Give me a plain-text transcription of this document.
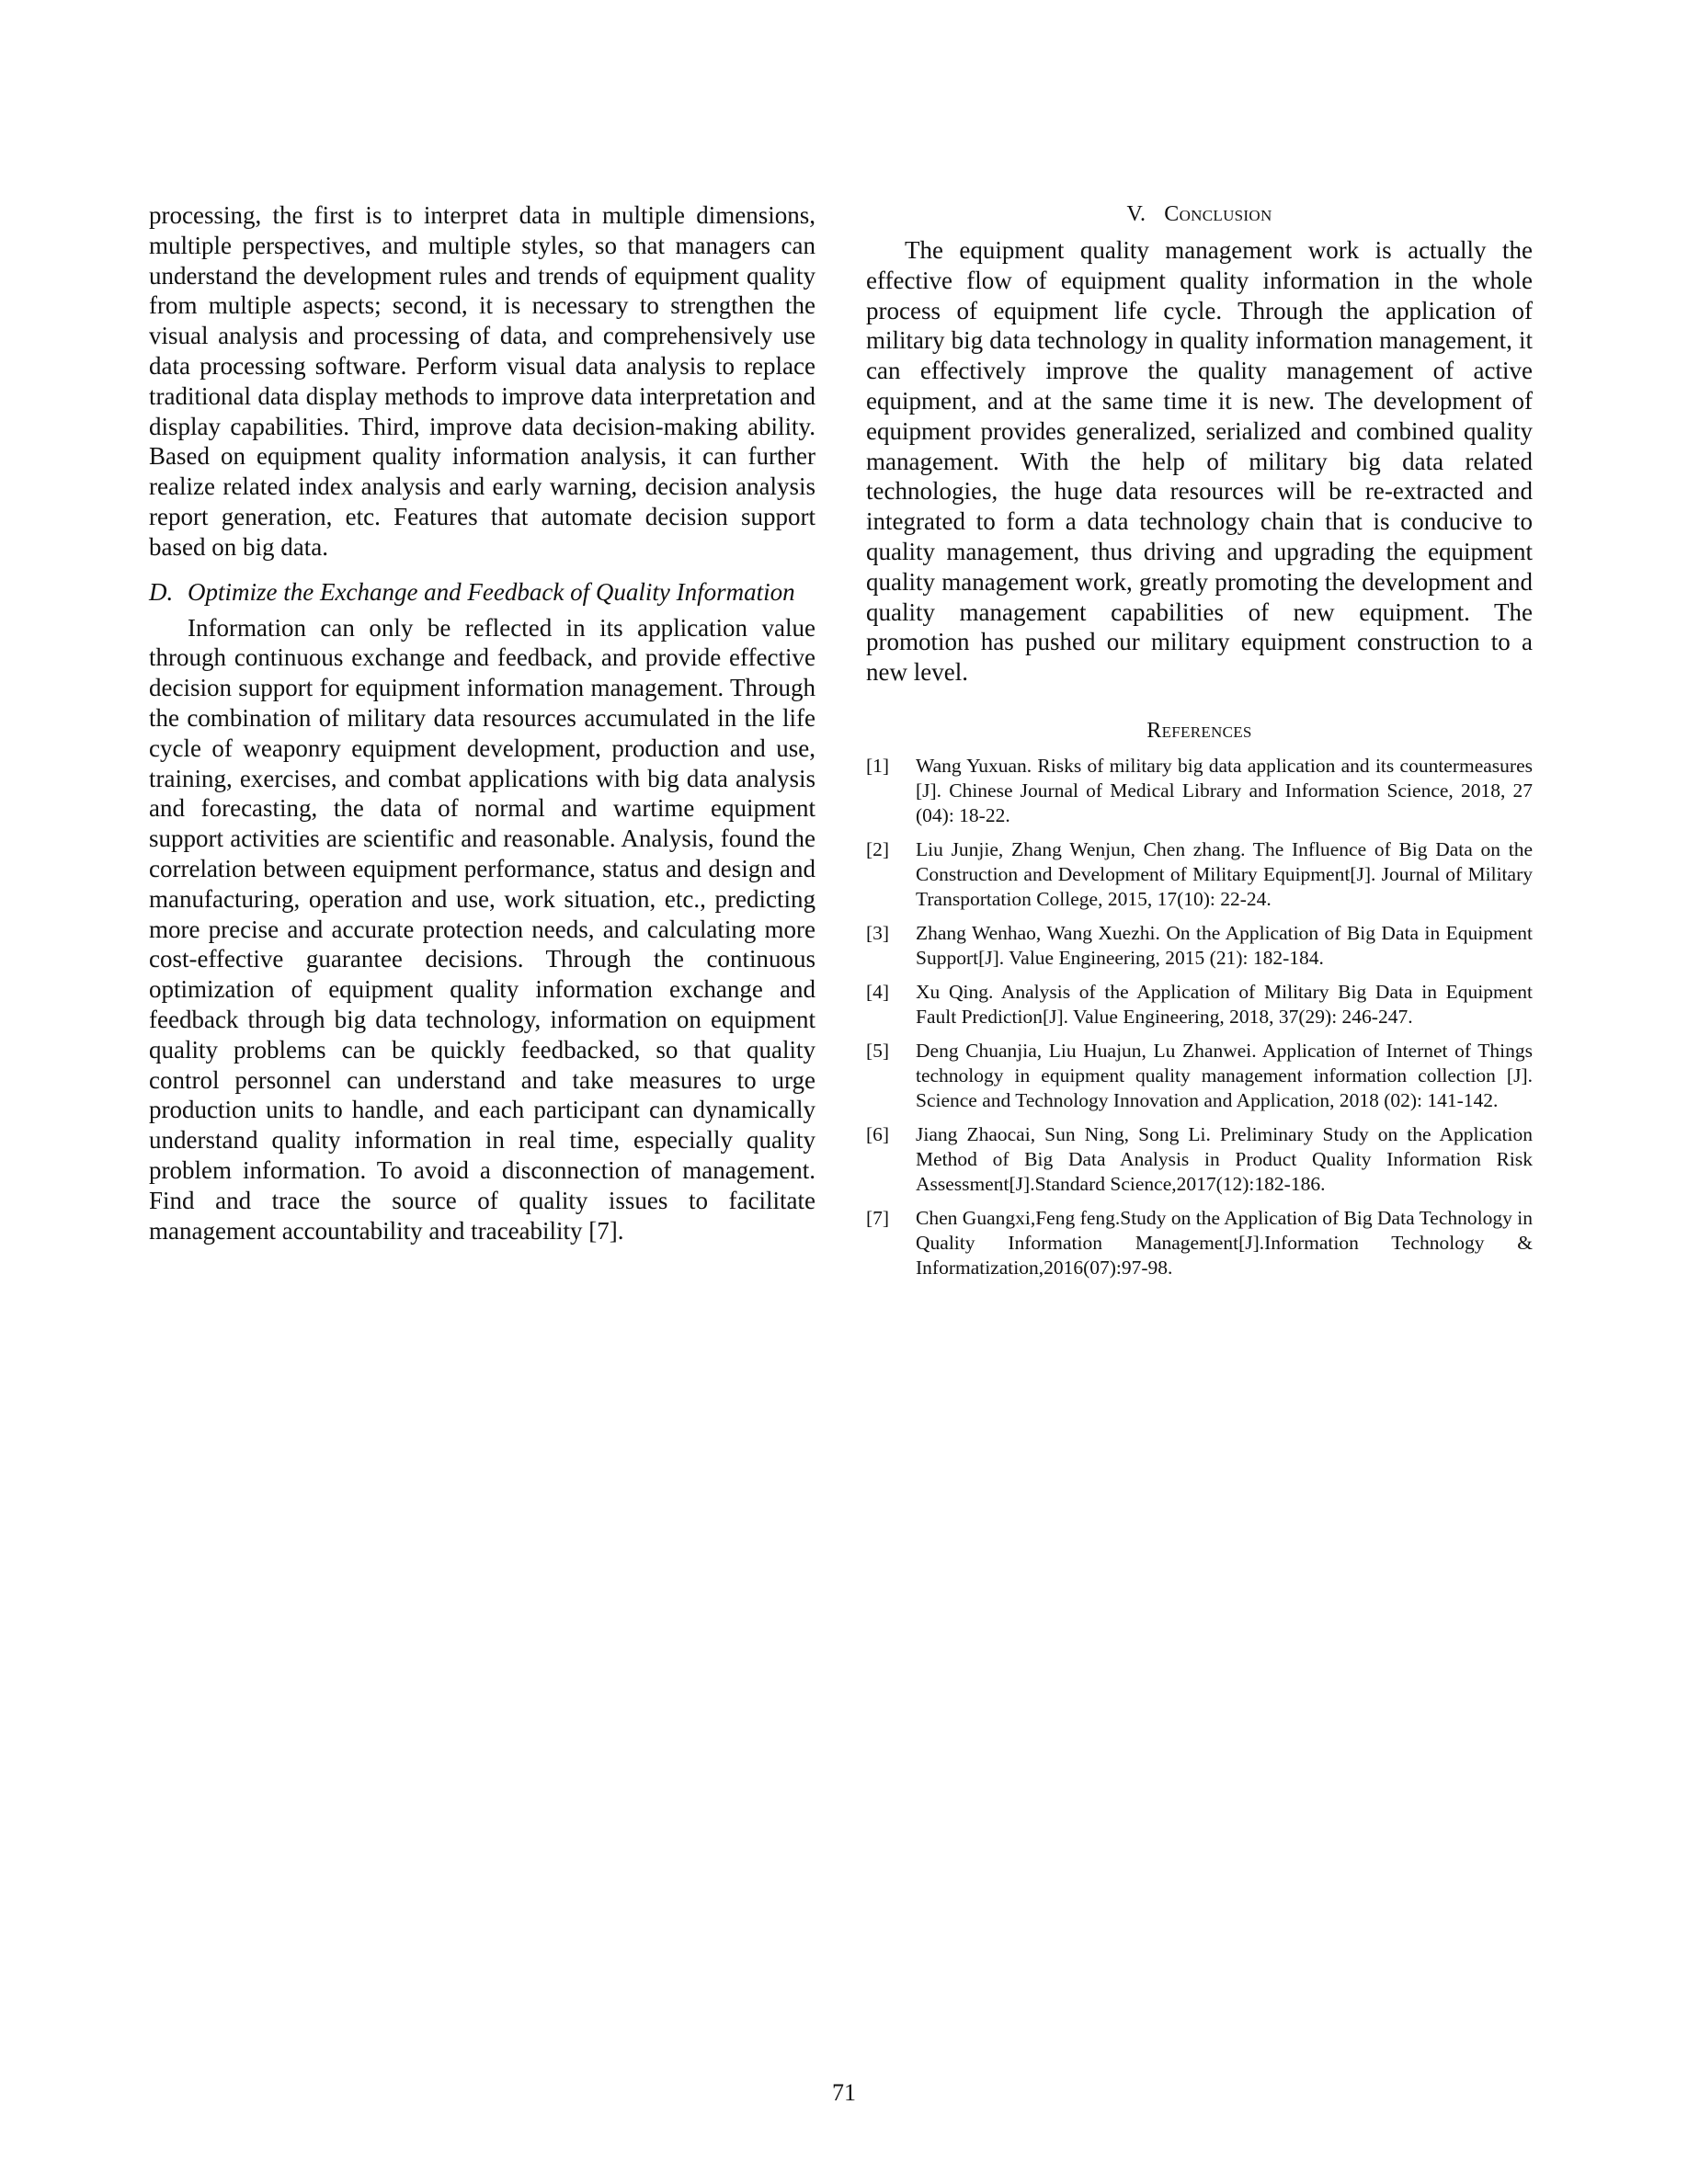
processing, the first is to interpret data in multiple dimensions, multiple perspectives, and multiple styles, so that managers can understand the development rules and trends of equipment quality from multiple aspects; second, it is necessary to strengthen the visual analysis and processing of data, and comprehensively use data processing software. Perform visual data analysis to replace traditional data display methods to improve data interpretation and display capabilities. Third, improve data decision-making ability. Based on equipment quality information analysis, it can further realize related index analysis and early warning, decision analysis report generation, etc. Features that automate decision support based on big data.

D. Optimize the Exchange and Feedback of Quality Information

Information can only be reflected in its application value through continuous exchange and feedback, and provide effective decision support for equipment information management. Through the combination of military data resources accumulated in the life cycle of weaponry equipment development, production and use, training, exercises, and combat applications with big data analysis and forecasting, the data of normal and wartime equipment support activities are scientific and reasonable. Analysis, found the correlation between equipment performance, status and design and manufacturing, operation and use, work situation, etc., predicting more precise and accurate protection needs, and calculating more cost-effective guarantee decisions. Through the continuous optimization of equipment quality information exchange and feedback through big data technology, information on equipment quality problems can be quickly feedbacked, so that quality control personnel can understand and take measures to urge production units to handle, and each participant can dynamically understand quality information in real time, especially quality problem information. To avoid a disconnection of management. Find and trace the source of quality issues to facilitate management accountability and traceability [7].

V. Conclusion

The equipment quality management work is actually the effective flow of equipment quality information in the whole process of equipment life cycle. Through the application of military big data technology in quality information management, it can effectively improve the quality management of active equipment, and at the same time it is new. The development of equipment provides generalized, serialized and combined quality management. With the help of military big data related technologies, the huge data resources will be re-extracted and integrated to form a data technology chain that is conducive to quality management, thus driving and upgrading the equipment quality management work, greatly promoting the development and quality management capabilities of new equipment. The promotion has pushed our military equipment construction to a new level.

References
[1] Wang Yuxuan. Risks of military big data application and its countermeasures [J]. Chinese Journal of Medical Library and Information Science, 2018, 27 (04): 18-22.
[2] Liu Junjie, Zhang Wenjun, Chen zhang. The Influence of Big Data on the Construction and Development of Military Equipment[J]. Journal of Military Transportation College, 2015, 17(10): 22-24.
[3] Zhang Wenhao, Wang Xuezhi. On the Application of Big Data in Equipment Support[J]. Value Engineering, 2015 (21): 182-184.
[4] Xu Qing. Analysis of the Application of Military Big Data in Equipment Fault Prediction[J]. Value Engineering, 2018, 37(29): 246-247.
[5] Deng Chuanjia, Liu Huajun, Lu Zhanwei. Application of Internet of Things technology in equipment quality management information collection [J]. Science and Technology Innovation and Application, 2018 (02): 141-142.
[6] Jiang Zhaocai, Sun Ning, Song Li. Preliminary Study on the Application Method of Big Data Analysis in Product Quality Information Risk Assessment[J].Standard Science,2017(12):182-186.
[7] Chen Guangxi,Feng feng.Study on the Application of Big Data Technology in Quality Information Management[J].Information Technology & Informatization,2016(07):97-98.
71
